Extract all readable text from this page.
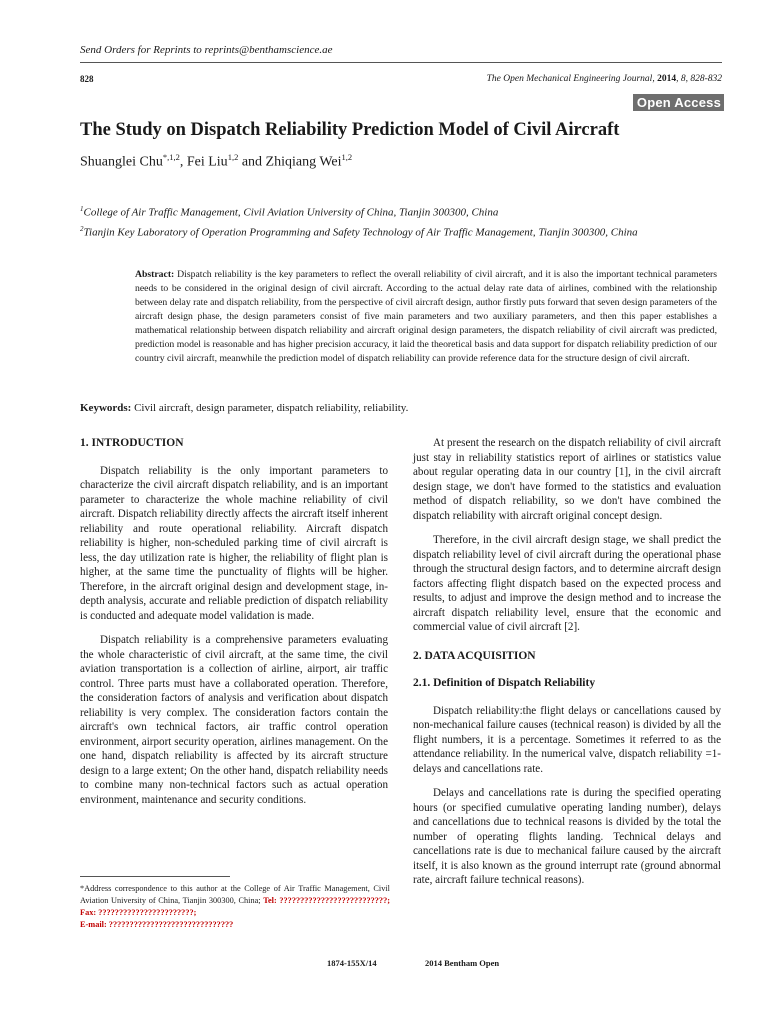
Send Orders for Reprints to reprints@benthamscience.ae
828	The Open Mechanical Engineering Journal, 2014, 8, 828-832
Open Access
The Study on Dispatch Reliability Prediction Model of Civil Aircraft
Shuanglei Chu$^{*,1,2}$, Fei Liu$^{1,2}$ and Zhiqiang Wei$^{1,2}$
$^1$College of Air Traffic Management, Civil Aviation University of China, Tianjin 300300, China
$^2$Tianjin Key Laboratory of Operation Programming and Safety Technology of Air Traffic Management, Tianjin 300300, China
Abstract: Dispatch reliability is the key parameters to reflect the overall reliability of civil aircraft, and it is also the important technical parameters needs to be considered in the original design of civil aircraft. According to the actual delay rate data of airlines, combined with the relationship between delay rate and dispatch reliability, from the perspective of civil aircraft design, author firstly puts forward that seven design parameters of the aircraft design phase, the design parameters consist of five main parameters and two auxiliary parameters, and then this paper establishes a mathematical relationship between dispatch reliability and aircraft original design parameters, the dispatch reliability of civil aircraft was predicted, prediction model is reasonable and has higher precision accuracy, it laid the theoretical basis and data support for dispatch reliability prediction of our country civil aircraft, meanwhile the prediction model of dispatch reliability can provide reference data for the structure design of civil aircraft.
Keywords: Civil aircraft, design parameter, dispatch reliability, reliability.
1. INTRODUCTION

Dispatch reliability is the only important parameters to characterize the civil aircraft dispatch reliability, and is an important parameter to characterize the whole machine reliability of civil aircraft. Dispatch reliability directly affects the aircraft itself inherent reliability and route operational reliability. Aircraft dispatch reliability is higher, non-scheduled parking time of civil aircraft is less, the day utilization rate is higher, the reliability of flight plan is higher, at the same time the punctuality of flights will be higher. Therefore, in the aircraft original design and development stage, in-depth analysis, accurate and reliable prediction of dispatch reliability is conducted and adequate model validation is made.

Dispatch reliability is a comprehensive parameters evaluating the whole characteristic of civil aircraft, at the same time, the civil aviation transportation is a collection of airline, airport, air traffic control. Three parts must have a collaborated operation. Therefore, the consideration factors of analysis and verification about dispatch reliability is very complex. The consideration factors contain the aircraft's own technical factors, air traffic control operation environment, airport security operation, airlines management. On the one hand, dispatch reliability is affected by its aircraft structure design to a large extent; On the other hand, dispatch reliability needs to combine many non-technical factors such as actual operation environment, maintenance and security conditions.

At present the research on the dispatch reliability of civil aircraft just stay in reliability statistics report of airlines or statistics value about regular operating data in our country [1], in the civil aircraft design stage, we don't have formed to the statistics and evaluation method of dispatch reliability, so we don't have combined the dispatch reliability with aircraft original concept design.

Therefore, in the civil aircraft design stage, we shall predict the dispatch reliability level of civil aircraft during the operational phase through the structural design factors, and to determine aircraft design factors affecting flight dispatch based on the expected process and results, to adjust and improve the design method and to increase the aircraft dispatch reliability level, ensure that the economic and commercial value of civil aircraft [2].

2. DATA ACQUISITION
2.1. Definition of Dispatch Reliability

Dispatch reliability:the flight delays or cancellations caused by non-mechanical failure causes (technical reason) is divided by all the flight numbers, it is a percentage. Sometimes it referred to as the attendance reliability. In the numerical valve, dispatch reliability =1- delays and cancellations rate.

Delays and cancellations rate is during the specified operating hours (or specified cumulative operating landing number), delays and cancellations due to technical reasons is divided by the total the number of operating flights landing. Technical delays and cancellations rate is due to mechanical failure caused by the aircraft itself, it is also known as the ground interrupt rate (ground abnormal rate, aircraft failure technical reasons).

*Address correspondence to this author at the College of Air Traffic Management, Civil Aviation University of China, Tianjin 300300, China; Tel: ??????????????????????????; Fax: ???????????????????????;
E-mail: ??????????????????????????????
1874-155X/14	2014 Bentham Open
